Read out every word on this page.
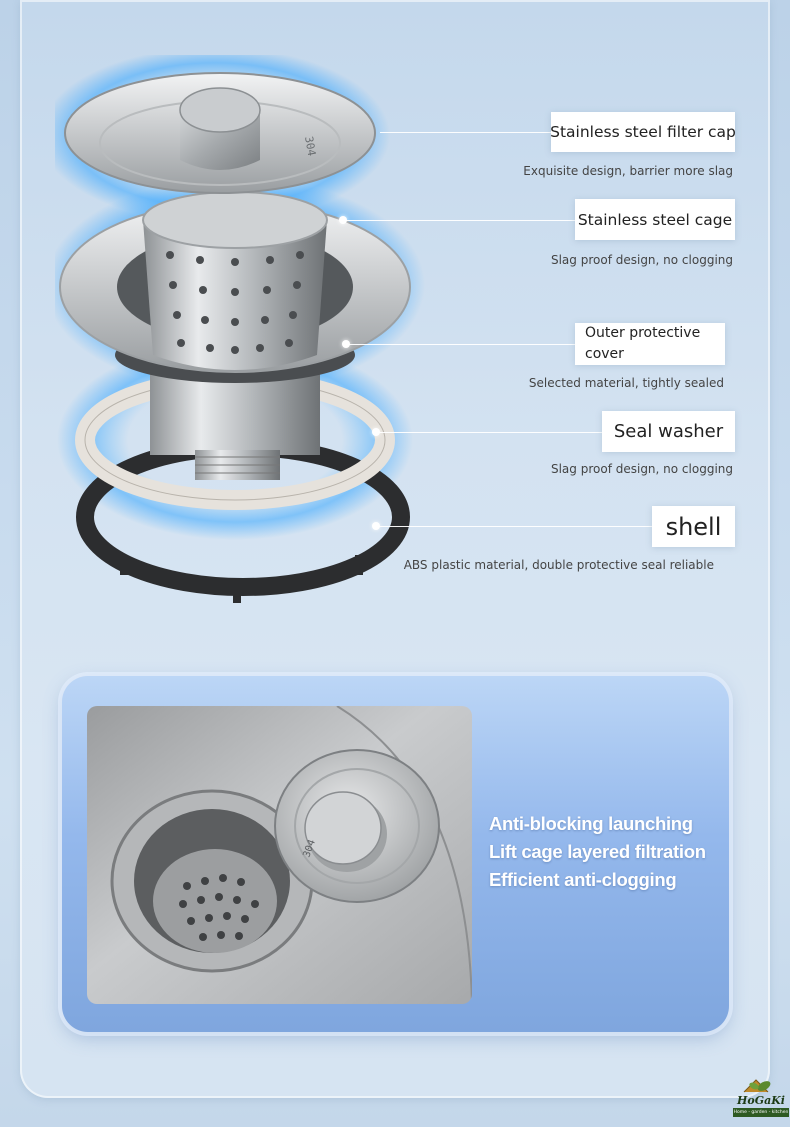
304
Stainless steel filter cap
Exquisite design, barrier more slag
Stainless steel cage
Slag proof design, no clogging
Outer protective cover
Selected material, tightly sealed
Seal washer
Slag proof design, no clogging
shell
ABS plastic material, double protective seal reliable
304
Anti-blocking launching
Lift cage layered filtration
Efficient anti-clogging
HoGaKi
Home - garden - kitchen
